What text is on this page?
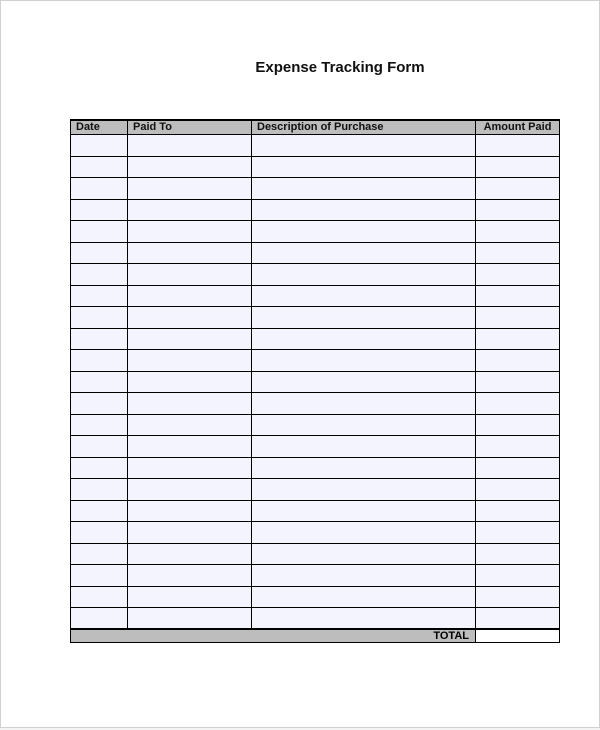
Expense Tracking Form
Date	Paid To	Description of Purchase	Amount Paid

TOTAL			
